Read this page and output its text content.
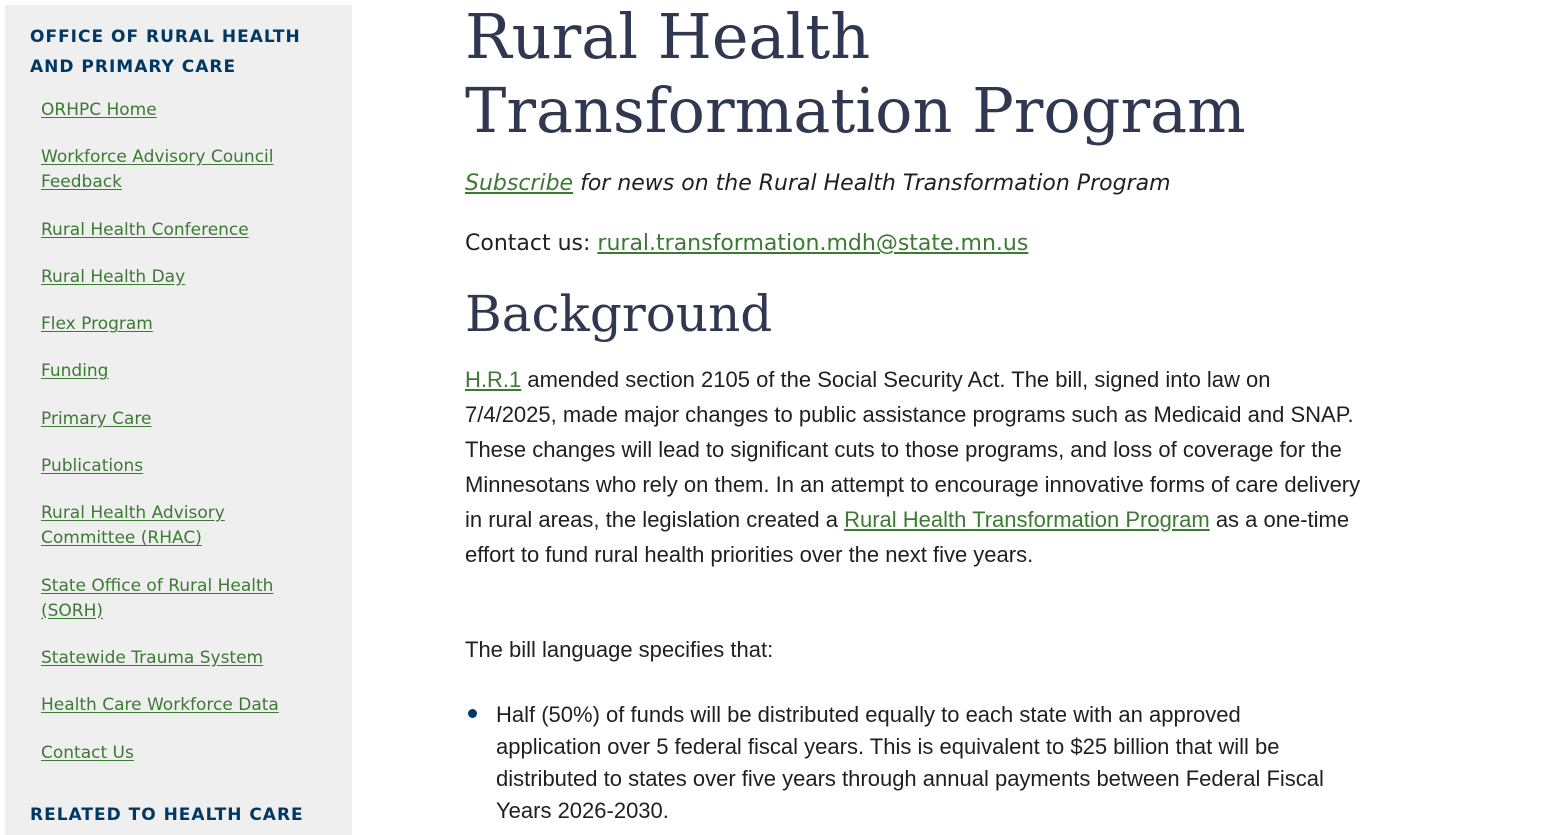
OFFICE OF RURAL HEALTH AND PRIMARY CARE
ORHPC Home
Workforce Advisory Council Feedback
Rural Health Conference
Rural Health Day
Flex Program
Funding
Primary Care
Publications
Rural Health Advisory Committee (RHAC)
State Office of Rural Health (SORH)
Statewide Trauma System
Health Care Workforce Data
Contact Us
RELATED TO HEALTH CARE
Rural Health Transformation Program

Subscribe for news on the Rural Health Transformation Program

Contact us: rural.transformation.mdh@state.mn.us

Background

H.R.1 amended section 2105 of the Social Security Act. The bill, signed into law on 7/4/2025, made major changes to public assistance programs such as Medicaid and SNAP. These changes will lead to significant cuts to those programs, and loss of coverage for the Minnesotans who rely on them. In an attempt to encourage innovative forms of care delivery in rural areas, the legislation created a Rural Health Transformation Program as a one-time effort to fund rural health priorities over the next five years.

The bill language specifies that:

Half (50%) of funds will be distributed equally to each state with an approved application over 5 federal fiscal years. This is equivalent to $25 billion that will be distributed to states over five years through annual payments between Federal Fiscal Years 2026-2030.
